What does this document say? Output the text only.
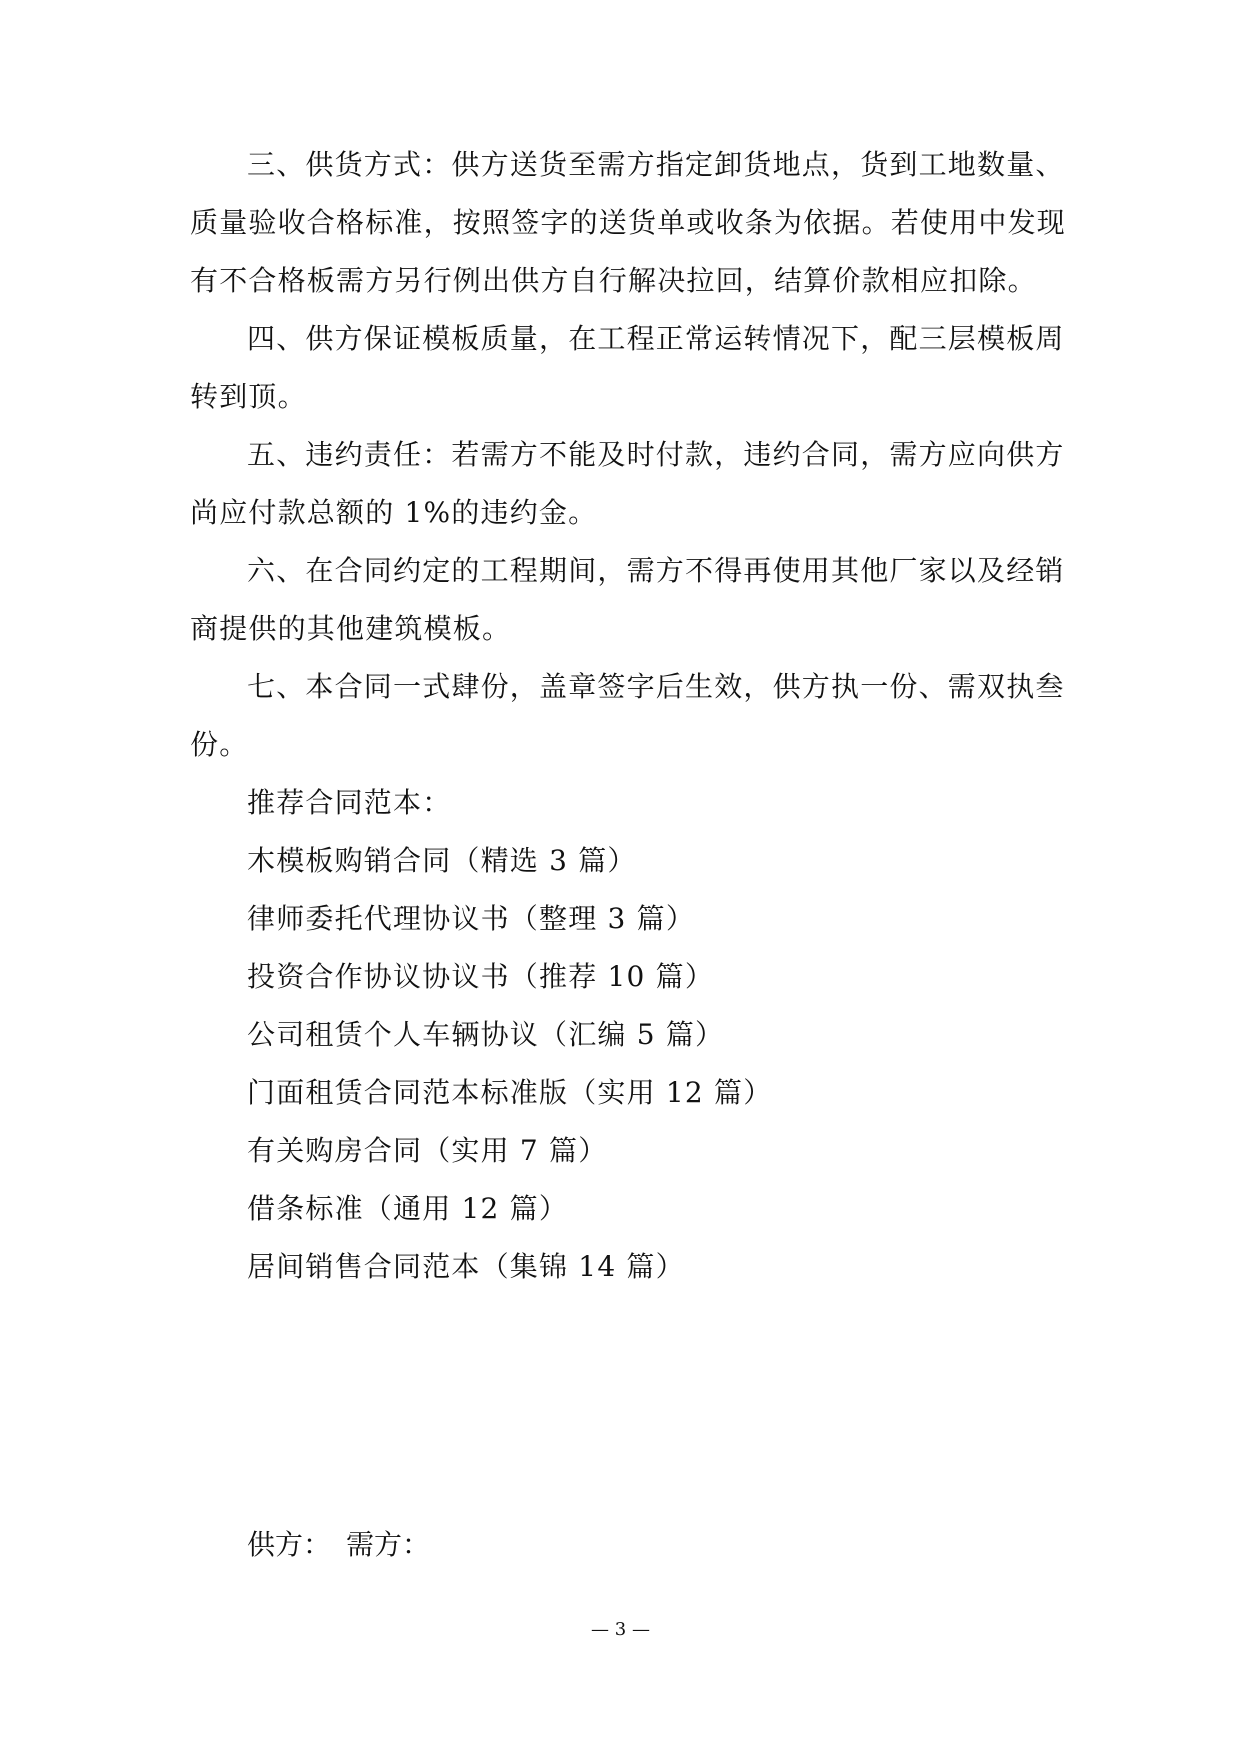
三、供货方式：供方送货至需方指定卸货地点，货到工地数量、
质量验收合格标准，按照签字的送货单或收条为依据。若使用中发现
有不合格板需方另行例出供方自行解决拉回，结算价款相应扣除。
四、供方保证模板质量，在工程正常运转情况下，配三层模板周
转到顶。
五、违约责任：若需方不能及时付款，违约合同，需方应向供方
尚应付款总额的 1%的违约金。
六、在合同约定的工程期间，需方不得再使用其他厂家以及经销
商提供的其他建筑模板。
七、本合同一式肆份，盖章签字后生效，供方执一份、需双执叁
份。
推荐合同范本：
木模板购销合同（精选 3 篇）
律师委托代理协议书（整理 3 篇）
投资合作协议协议书（推荐 10 篇）
公司租赁个人车辆协议（汇编 5 篇）
门面租赁合同范本标准版（实用 12 篇）
有关购房合同（实用 7 篇）
借条标准（通用 12 篇）
居间销售合同范本（集锦 14 篇）
供方： 需方：
— 3 —
